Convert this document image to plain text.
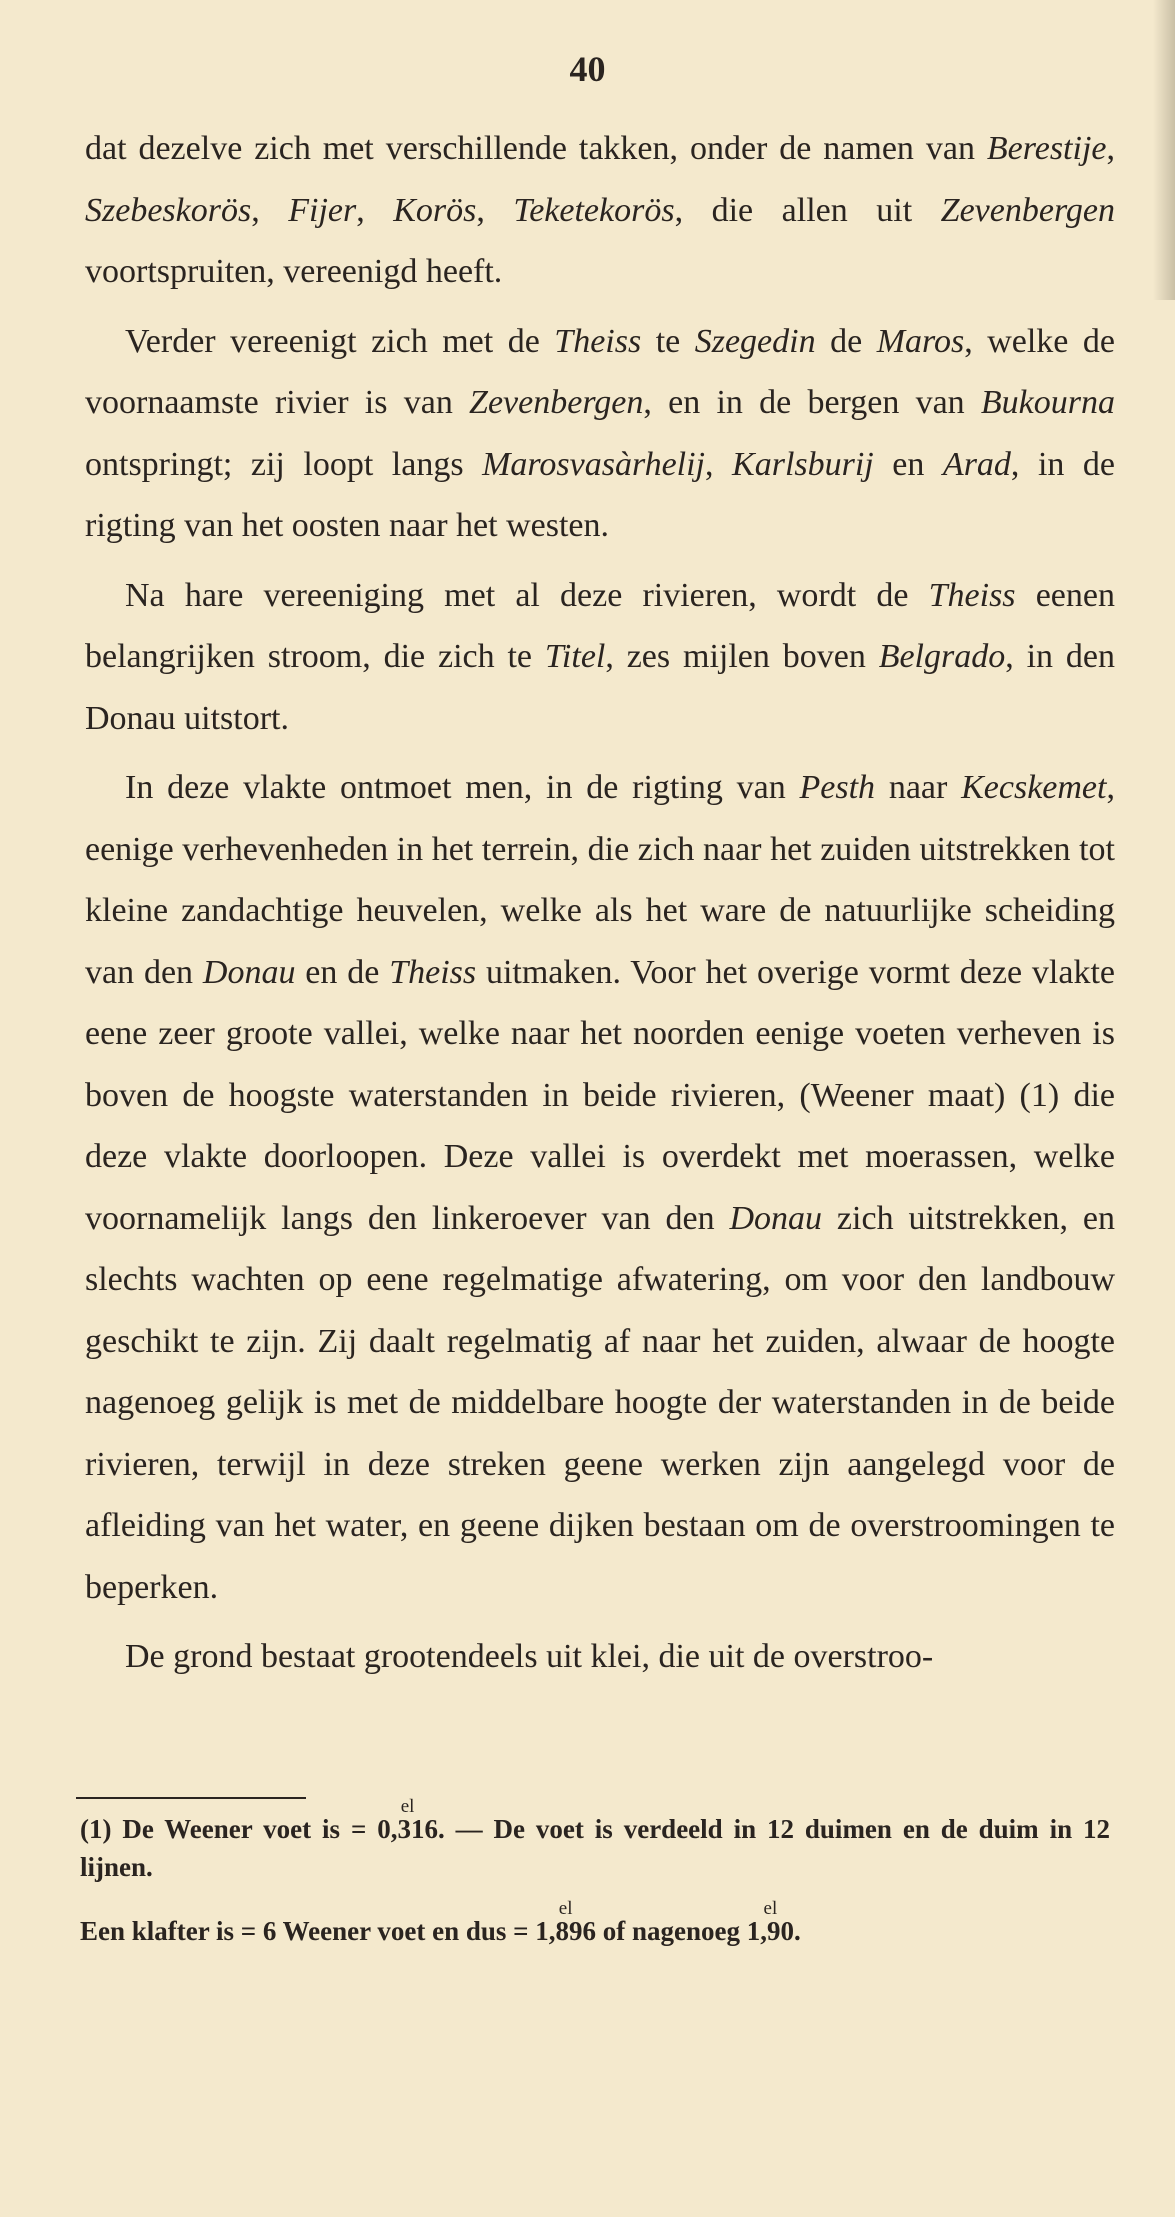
40

dat dezelve zich met verschillende takken, onder de namen van Berestije, Szebeskorös, Fijer, Korös, Teketekorös, die allen uit Zevenbergen voortspruiten, vereenigd heeft.

Verder vereenigt zich met de Theiss te Szegedin de Maros, welke de voornaamste rivier is van Zevenbergen, en in de bergen van Bukourna ontspringt; zij loopt langs Marosvasàrhelij, Karlsburij en Arad, in de rigting van het oosten naar het westen.

Na hare vereeniging met al deze rivieren, wordt de Theiss eenen belangrijken stroom, die zich te Titel, zes mijlen boven Belgrado, in den Donau uitstort.

In deze vlakte ontmoet men, in de rigting van Pesth naar Kecskemet, eenige verhevenheden in het terrein, die zich naar het zuiden uitstrekken tot kleine zandachtige heuvelen, welke als het ware de natuurlijke scheiding van den Donau en de Theiss uitmaken. Voor het overige vormt deze vlakte eene zeer groote vallei, welke naar het noorden eenige voeten verheven is boven de hoogste waterstanden in beide rivieren, (Weener maat) (1) die deze vlakte doorloopen. Deze vallei is overdekt met moerassen, welke voornamelijk langs den linkeroever van den Donau zich uitstrekken, en slechts wachten op eene regelmatige afwatering, om voor den landbouw geschikt te zijn. Zij daalt regelmatig af naar het zuiden, alwaar de hoogte nagenoeg gelijk is met de middelbare hoogte der waterstanden in de beide rivieren, terwijl in deze streken geene werken zijn aangelegd voor de afleiding van het water, en geene dijken bestaan om de overstroomingen te beperken.

De grond bestaat grootendeels uit klei, die uit de overstroo-

(1) De Weener voet is =
el
0,316. — De voet is verdeeld in 12 duimen en de duim in 12 lijnen.
Een klafter is = 6 Weener voet en dus =
el
1,896 of nagenoeg
el
1,90.
